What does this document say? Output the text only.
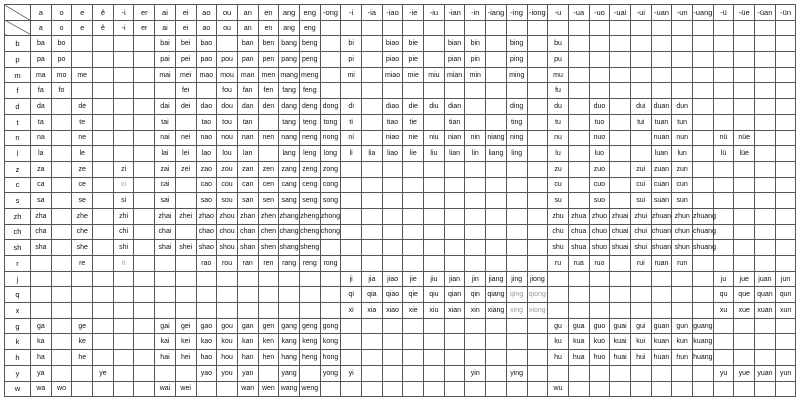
	a	o	e	ê	-i	er	ai	ei	ao	ou	an	en	ang	eng	-ong	-i	-ia	-iao	-ie	-iu	-ian	-in	-iang	-ing	-iong	-u	-ua	-uo	-uai	-ui	-uan	-un	-uang	-ü	-üe	-üan	-ün
	a	o	e	ê	-i	er	ai	ei	ao	ou	an	en	ang	eng																							
b	ba	bo					bai	bei	bao		ban	ben	bang	beng		bi		biao	bie		bian	bin		bing		bu											
p	pa	po					pai	pei	pao	pou	pan	pen	pang	peng		pi		piao	pie		pian	pin		ping		pu											
m	ma	mo	me				mai	mei	mao	mou	man	men	mang	meng		mi		miao	mie	miu	mian	min		ming		mu											
f	fa	fo						fei		fou	fan	fen	fang	feng												fu											
d	da		de				dai	dei	dao	dou	dan	den	dang	deng	dong	di		diao	die	diu	dian			ding		du		duo		dui	duan	dun					
t	ta		te				tai		tao	tou	tan		tang	teng	tong	ti		tiao	tie		tian			ting		tu		tuo		tui	tuan	tun					
n	na		ne				nai	nei	nao	nou	nan	nen	nang	neng	nong	ni		niao	nie	niu	nian	nin	niang	ning		nu		nuo			nuan	nun		nü	nüe		
l	la		le				lai	lei	lao	lou	lan		lang	leng	long	li	lia	liao	lie	liu	lian	lin	liang	ling		lu		luo			luan	lun		lü	lüe		
z	za		ze		zi		zai	zei	zao	zou	zan	zen	zang	zeng	zong											zu		zuo		zui	zuan	zun					
c	ca		ce		ci		cai		cao	cou	can	cen	cang	ceng	cong											cu		cuo		cui	cuan	cun					
s	sa		se		si		sai		sao	sou	san	sen	sang	seng	song											su		suo		sui	suan	sun					
zh	zha		zhe		zhi		zhai	zhei	zhao	zhou	zhan	zhen	zhang	zheng	zhong											zhu	zhua	zhuo	zhuai	zhui	zhuan	zhun	zhuang				
ch	cha		che		chi		chai		chao	chou	chan	chen	chang	cheng	chong											chu	chua	chuo	chuai	chui	chuan	chun	chuang				
sh	sha		she		shi		shai	shei	shao	shou	shan	shen	shang	sheng												shu	shua	shuo	shuai	shui	shuan	shun	shuang				
r			re		ri				rao	rou	ran	ren	rang	reng	rong											ru	rua	ruo		rui	ruan	run					
j																ji	jia	jiao	jie	jiu	jian	jin	jiang	jing	jiong									ju	jue	juan	jun
q																qi	qia	qiao	qie	qiu	qian	qin	qiang	qing	qiong									qu	que	quan	qun
x																xi	xia	xiao	xie	xiu	xian	xin	xiang	xing	xiong									xu	xue	xuan	xun
g	ga		ge				gai	gei	gao	gou	gan	gen	gang	geng	gong											gu	gua	guo	guai	gui	guan	gun	guang				
k	ka		ke				kai	kei	kao	kou	kan	ken	kang	keng	kong											ku	kua	kuo	kuai	kui	kuan	kun	kuang				
h	ha		he				hai	hei	hao	hou	han	hen	hang	heng	hong											hu	hua	huo	huai	hui	huan	hun	huang				
y	ya			ye					yao	you	yan		yang		yong	yi						yin		ying										yu	yue	yuan	yun
w	wa	wo					wai	wei			wan	wen	wang	weng												wu											
